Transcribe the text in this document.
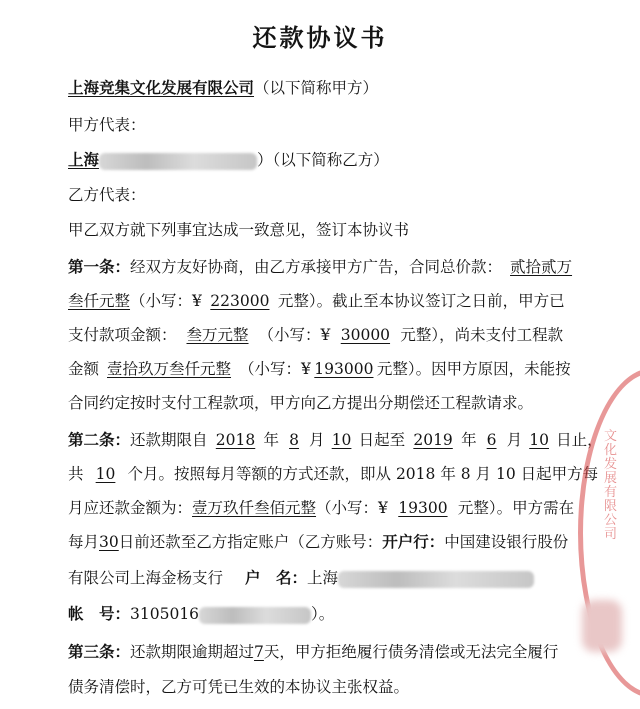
还款协议书
上海竞集文化发展有限公司（以下简称甲方）
甲方代表：
上海	）（以下简称乙方）
乙方代表：
甲乙双方就下列事宜达成一致意见，签订本协议书
第一条：经双方友好协商，由乙方承接甲方广告，合同总价款： 贰拾贰万
叁仟元整（小写：¥ 223000 元整）。截止至本协议签订之日前，甲方已
支付款项金额： 叁万元整 （小写：¥ 30000 元整），尚未支付工程款
金额 壹拾玖万叁仟元整 （小写：¥ 193000 元整）。因甲方原因，未能按
合同约定按时支付工程款项，甲方向乙方提出分期偿还工程款请求。
第二条：还款期限自 2018 年 8 月 10 日起至 2019 年 6 月 10 日止，
共 10 个月。按照每月等额的方式还款，即从 2018 年 8 月 10 日起甲方每
月应还款金额为：壹万玖仟叁佰元整（小写：¥ 19300 元整）。甲方需在
每月30日前还款至乙方指定账户（乙方账号：开户行：中国建设银行股份
有限公司上海金杨支行 户　名：上海
帐　号：3105016	）。
第三条：还款期限逾期超过7天，甲方拒绝履行债务清偿或无法完全履行
债务清偿时，乙方可凭已生效的本协议主张权益。
文化发展有限公司
